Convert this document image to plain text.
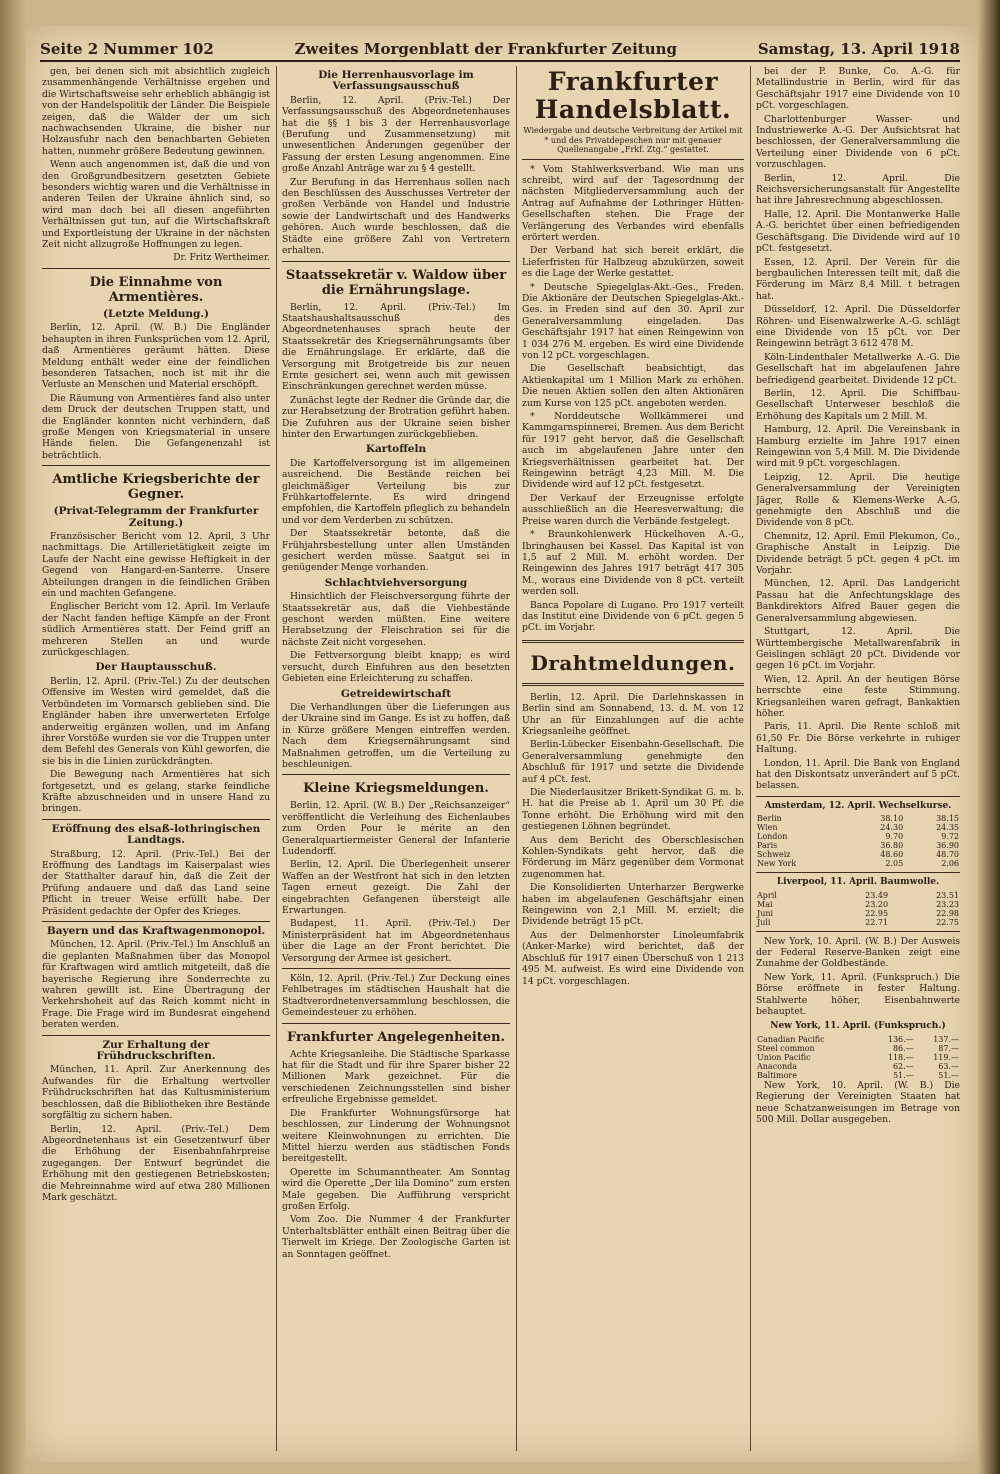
Seite 2 Nummer 102	Zweites Morgenblatt der Frankfurter Zeitung	Samstag, 13. April 1918

gen, bei denen sich mit absichtlich zugleich zusammenhängende Verhältnisse ergeben und die Wirtschaftsweise sehr erheblich abhängig ist von der Handelspolitik der Länder. Die Beispiele zeigen, daß die Wälder der um sich nachwachsenden Ukraine, die bisher nur Holzausfuhr nach den benachbarten Gebieten hatten, nunmehr größere Bedeutung gewinnen.

Wenn auch angenommen ist, daß die und von den Großgrundbesitzern gesetzten Gebiete besonders wichtig waren und die Verhältnisse in anderen Teilen der Ukraine ähnlich sind, so wird man doch bei all diesen angeführten Verhältnissen gut tun, auf die Wirtschaftskraft und Exportleistung der Ukraine in der nächsten Zeit nicht allzugroße Hoffnungen zu legen.

Dr. Fritz Wertheimer.
Die Einnahme von Armentières.
(Letzte Meldung.)

Berlin, 12. April. (W. B.) Die Engländer behaupten in ihren Funksprüchen vom 12. April, daß Armentières geräumt hätten. Diese Meldung enthält weder eine der feindlichen besonderen Tatsachen, noch ist mit ihr die Verluste an Menschen und Material erschöpft.

Die Räumung von Armentières fand also unter dem Druck der deutschen Truppen statt, und die Engländer konnten nicht verhindern, daß große Mengen von Kriegsmaterial in unsere Hände fielen. Die Gefangenenzahl ist beträchtlich.

Amtliche Kriegsberichte der Gegner.
(Privat-Telegramm der Frankfurter Zeitung.)

Französischer Bericht vom 12. April, 3 Uhr nachmittags. Die Artillerietätigkeit zeigte im Laufe der Nacht eine gewisse Heftigkeit in der Gegend von Hangard-en-Santerre. Unsere Abteilungen drangen in die feindlichen Gräben ein und machten Gefangene.

Englischer Bericht vom 12. April. Im Verlaufe der Nacht fanden heftige Kämpfe an der Front südlich Armentières statt. Der Feind griff an mehreren Stellen an und wurde zurückgeschlagen.

Der Hauptausschuß.

Berlin, 12. April. (Priv.-Tel.) Zu der deutschen Offensive im Westen wird gemeldet, daß die Verbündeten im Vormarsch geblieben sind. Die Engländer haben ihre unverwerteten Erfolge anderweitig ergänzen wollen, und im Anfang ihrer Vorstöße wurden sie vor die Truppen unter dem Befehl des Generals von Kühl geworfen, die sie bis in die Linien zurückdrängten.

Die Bewegung nach Armentières hat sich fortgesetzt, und es gelang, starke feindliche Kräfte abzuschneiden und in unsere Hand zu bringen.

Eröffnung des elsaß-lothringischen Landtags.

Straßburg, 12. April. (Priv.-Tel.) Bei der Eröffnung des Landtags im Kaiserpalast wies der Statthalter darauf hin, daß die Zeit der Prüfung andauere und daß das Land seine Pflicht in treuer Weise erfüllt habe. Der Präsident gedachte der Opfer des Krieges.

Bayern und das Kraftwagenmonopol.

München, 12. April. (Priv.-Tel.) Im Anschluß an die geplanten Maßnahmen über das Monopol für Kraftwagen wird amtlich mitgeteilt, daß die bayerische Regierung ihre Sonderrechte zu wahren gewillt ist. Eine Übertragung der Verkehrshoheit auf das Reich kommt nicht in Frage. Die Frage wird im Bundesrat eingehend beraten werden.

Zur Erhaltung der Frühdruckschriften.

München, 11. April. Zur Anerkennung des Aufwandes für die Erhaltung wertvoller Frühdruckschriften hat das Kultusministerium beschlossen, daß die Bibliotheken ihre Bestände sorgfältig zu sichern haben.

Berlin, 12. April. (Priv.-Tel.) Dem Abgeordnetenhaus ist ein Gesetzentwurf über die Erhöhung der Eisenbahnfahrpreise zugegangen. Der Entwurf begründet die Erhöhung mit den gestiegenen Betriebskosten; die Mehreinnahme wird auf etwa 280 Millionen Mark geschätzt.

Die Herrenhausvorlage im Verfassungsausschuß

Berlin, 12. April. (Priv.-Tel.) Der Verfassungsausschuß des Abgeordnetenhauses hat die §§ 1 bis 3 der Herrenhausvorlage (Berufung und Zusammensetzung) mit unwesentlichen Änderungen gegenüber der Fassung der ersten Lesung angenommen. Eine große Anzahl Anträge war zu § 4 gestellt.

Zur Berufung in das Herrenhaus sollen nach den Beschlüssen des Ausschusses Vertreter der großen Verbände von Handel und Industrie sowie der Landwirtschaft und des Handwerks gehören. Auch wurde beschlossen, daß die Städte eine größere Zahl von Vertretern erhalten.

Staatssekretär v. Waldow über die Ernährungslage.

Berlin, 12. April. (Priv.-Tel.) Im Staatshaushaltsausschuß des Abgeordnetenhauses sprach heute der Staatssekretär des Kriegsernährungsamts über die Ernährungslage. Er erklärte, daß die Versorgung mit Brotgetreide bis zur neuen Ernte gesichert sei, wenn auch mit gewissen Einschränkungen gerechnet werden müsse.

Zunächst legte der Redner die Gründe dar, die zur Herabsetzung der Brotration geführt haben. Die Zufuhren aus der Ukraine seien bisher hinter den Erwartungen zurückgeblieben.

Kartoffeln

Die Kartoffelversorgung ist im allgemeinen ausreichend. Die Bestände reichen bei gleichmäßiger Verteilung bis zur Frühkartoffelernte. Es wird dringend empfohlen, die Kartoffeln pfleglich zu behandeln und vor dem Verderben zu schützen.

Der Staatssekretär betonte, daß die Frühjahrsbestellung unter allen Umständen gesichert werden müsse. Saatgut sei in genügender Menge vorhanden.

Schlachtviehversorgung

Hinsichtlich der Fleischversorgung führte der Staatssekretär aus, daß die Viehbestände geschont werden müßten. Eine weitere Herabsetzung der Fleischration sei für die nächste Zeit nicht vorgesehen.

Die Fettversorgung bleibt knapp; es wird versucht, durch Einfuhren aus den besetzten Gebieten eine Erleichterung zu schaffen.

Getreidewirtschaft

Die Verhandlungen über die Lieferungen aus der Ukraine sind im Gange. Es ist zu hoffen, daß in Kürze größere Mengen eintreffen werden. Nach dem Kriegsernährungsamt sind Maßnahmen getroffen, um die Verteilung zu beschleunigen.

Kleine Kriegsmeldungen.

Berlin, 12. April. (W. B.) Der „Reichsanzeiger“ veröffentlicht die Verleihung des Eichenlaubes zum Orden Pour le mérite an den Generalquartiermeister General der Infanterie Ludendorff.

Berlin, 12. April. Die Überlegenheit unserer Waffen an der Westfront hat sich in den letzten Tagen erneut gezeigt. Die Zahl der eingebrachten Gefangenen übersteigt alle Erwartungen.

Budapest, 11. April. (Priv.-Tel.) Der Ministerpräsident hat im Abgeordnetenhaus über die Lage an der Front berichtet. Die Versorgung der Armee ist gesichert.

Köln, 12. April. (Priv.-Tel.) Zur Deckung eines Fehlbetrages im städtischen Haushalt hat die Stadtverordnetenversammlung beschlossen, die Gemeindesteuer zu erhöhen.

Frankfurter Angelegenheiten.

Achte Kriegsanleihe. Die Städtische Sparkasse hat für die Stadt und für ihre Sparer bisher 22 Millionen Mark gezeichnet. Für die verschiedenen Zeichnungsstellen sind bisher erfreuliche Ergebnisse gemeldet.

Die Frankfurter Wohnungsfürsorge hat beschlossen, zur Linderung der Wohnungsnot weitere Kleinwohnungen zu errichten. Die Mittel hierzu werden aus städtischen Fonds bereitgestellt.

Operette im Schumanntheater. Am Sonntag wird die Operette „Der lila Domino“ zum ersten Male gegeben. Die Aufführung verspricht großen Erfolg.

Vom Zoo. Die Nummer 4 der Frankfurter Unterhaltsblätter enthält einen Beitrag über die Tierwelt im Kriege. Der Zoologische Garten ist an Sonntagen geöffnet.

Frankfurter Handelsblatt.
Wiedergabe und deutsche Verbreitung der Artikel mit * und des Privatdepeschen nur mit genauer Quellenangabe „Frkf. Ztg.“ gestattet.

* Vom Stahlwerksverband. Wie man uns schreibt, wird auf der Tagesordnung der nächsten Mitgliederversammlung auch der Antrag auf Aufnahme der Lothringer Hütten-Gesellschaften stehen. Die Frage der Verlängerung des Verbandes wird ebenfalls erörtert werden.

Der Verband hat sich bereit erklärt, die Lieferfristen für Halbzeug abzukürzen, soweit es die Lage der Werke gestattet.

* Deutsche Spiegelglas-Akt.-Ges., Freden. Die Aktionäre der Deutschen Spiegelglas-Akt.-Ges. in Freden sind auf den 30. April zur Generalversammlung eingeladen. Das Geschäftsjahr 1917 hat einen Reingewinn von 1 034 276 M. ergeben. Es wird eine Dividende von 12 pCt. vorgeschlagen.

Die Gesellschaft beabsichtigt, das Aktienkapital um 1 Million Mark zu erhöhen. Die neuen Aktien sollen den alten Aktionären zum Kurse von 125 pCt. angeboten werden.

* Norddeutsche Wollkämmerei und Kammgarnspinnerei, Bremen. Aus dem Bericht für 1917 geht hervor, daß die Gesellschaft auch im abgelaufenen Jahre unter den Kriegsverhältnissen gearbeitet hat. Der Reingewinn beträgt 4,23 Mill. M. Die Dividende wird auf 12 pCt. festgesetzt.

Der Verkauf der Erzeugnisse erfolgte ausschließlich an die Heeresverwaltung; die Preise waren durch die Verbände festgelegt.

* Braunkohlenwerk Hückelhoven A.-G., Ibringhausen bei Kassel. Das Kapital ist von 1,5 auf 2 Mill. M. erhöht worden. Der Reingewinn des Jahres 1917 beträgt 417 305 M., woraus eine Dividende von 8 pCt. verteilt werden soll.

Banca Popolare di Lugano. Pro 1917 verteilt das Institut eine Dividende von 6 pCt. gegen 5 pCt. im Vorjahr.

Drahtmeldungen.

Berlin, 12. April. Die Darlehnskassen in Berlin sind am Sonnabend, 13. d. M. von 12 Uhr an für Einzahlungen auf die achte Kriegsanleihe geöffnet.

Berlin-Lübecker Eisenbahn-Gesellschaft. Die Generalversammlung genehmigte den Abschluß für 1917 und setzte die Dividende auf 4 pCt. fest.

Die Niederlausitzer Brikett-Syndikat G. m. b. H. hat die Preise ab 1. April um 30 Pf. die Tonne erhöht. Die Erhöhung wird mit den gestiegenen Löhnen begründet.

Aus dem Bericht des Oberschlesischen Kohlen-Syndikats geht hervor, daß die Förderung im März gegenüber dem Vormonat zugenommen hat.

Die Konsolidierten Unterharzer Bergwerke haben im abgelaufenen Geschäftsjahr einen Reingewinn von 2,1 Mill. M. erzielt; die Dividende beträgt 15 pCt.

Aus der Delmenhorster Linoleumfabrik (Anker-Marke) wird berichtet, daß der Abschluß für 1917 einen Überschuß von 1 213 495 M. aufweist. Es wird eine Dividende von 14 pCt. vorgeschlagen.

bei der P. Bunke, Co. A.-G. für Metallindustrie in Berlin, wird für das Geschäftsjahr 1917 eine Dividende von 10 pCt. vorgeschlagen.

Charlottenburger Wasser- und Industriewerke A.-G. Der Aufsichtsrat hat beschlossen, der Generalversammlung die Verteilung einer Dividende von 6 pCt. vorzuschlagen.

Berlin, 12. April. Die Reichsversicherungsanstalt für Angestellte hat ihre Jahresrechnung abgeschlossen.

Halle, 12. April. Die Montanwerke Halle A.-G. berichtet über einen befriedigenden Geschäftsgang. Die Dividende wird auf 10 pCt. festgesetzt.

Essen, 12. April. Der Verein für die bergbaulichen Interessen teilt mit, daß die Förderung im März 8,4 Mill. t betragen hat.

Düsseldorf, 12. April. Die Düsseldorfer Röhren- und Eisenwalzwerke A.-G. schlägt eine Dividende von 15 pCt. vor. Der Reingewinn beträgt 3 612 478 M.

Köln-Lindenthaler Metallwerke A.-G. Die Gesellschaft hat im abgelaufenen Jahre befriedigend gearbeitet. Dividende 12 pCt.

Berlin, 12. April. Die Schiffbau-Gesellschaft Unterweser beschloß die Erhöhung des Kapitals um 2 Mill. M.

Hamburg, 12. April. Die Vereinsbank in Hamburg erzielte im Jahre 1917 einen Reingewinn von 5,4 Mill. M. Die Dividende wird mit 9 pCt. vorgeschlagen.

Leipzig, 12. April. Die heutige Generalversammlung der Vereinigten Jäger, Rolle & Klemens-Werke A.-G. genehmigte den Abschluß und die Dividende von 8 pCt.

Chemnitz, 12. April. Emil Plekumon, Co., Graphische Anstalt in Leipzig. Die Dividende beträgt 5 pCt. gegen 4 pCt. im Vorjahr.

München, 12. April. Das Landgericht Passau hat die Anfechtungsklage des Bankdirektors Alfred Bauer gegen die Generalversammlung abgewiesen.

Stuttgart, 12. April. Die Württembergische Metallwarenfabrik in Geislingen schlägt 20 pCt. Dividende vor gegen 16 pCt. im Vorjahr.

Wien, 12. April. An der heutigen Börse herrschte eine feste Stimmung. Kriegsanleihen waren gefragt, Bankaktien höher.

Paris, 11. April. Die Rente schloß mit 61,50 Fr. Die Börse verkehrte in ruhiger Haltung.

London, 11. April. Die Bank von England hat den Diskontsatz unverändert auf 5 pCt. belassen.

Amsterdam, 12. April. Wechselkurse.
Berlin	38.10	38.15
Wien	24.30	24.35
London	9.70	9.72
Paris	36.80	36.90
Schweiz	48.60	48.70
New York	2.05	2.06
Liverpool, 11. April. Baumwolle.
April	23.49	23.51
Mai	23.20	23.23
Juni	22.95	22.98
Juli	22.71	22.75

New York, 10. April. (W. B.) Der Ausweis der Federal Reserve-Banken zeigt eine Zunahme der Goldbestände.

New York, 11. April. (Funkspruch.) Die Börse eröffnete in fester Haltung. Stahlwerte höher, Eisenbahnwerte behauptet.

New York, 11. April. (Funkspruch.)
Canadian Pacific	136.—	137.—
Steel common	86.—	87.—
Union Pacific	118.—	119.—
Anaconda	62.—	63.—
Baltimore	51.—	51.—

New York, 10. April. (W. B.) Die Regierung der Vereinigten Staaten hat neue Schatzanweisungen im Betrage von 500 Mill. Dollar ausgegeben.
